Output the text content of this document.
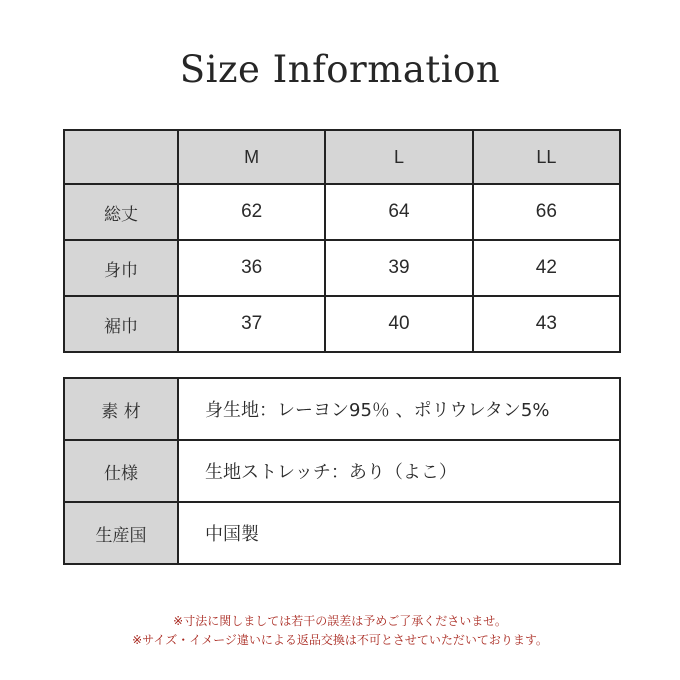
Size Information
	M	L	LL
総丈	62	64	66
身巾	36	39	42
裾巾	37	40	43
素 材	身生地：レーヨン95％ 、ポリウレタン5%
仕様	生地ストレッチ：あり（よこ）
生産国	中国製
※寸法に関しましては若干の誤差は予めご了承くださいませ。
※サイズ・イメージ違いによる返品交換は不可とさせていただいております。
